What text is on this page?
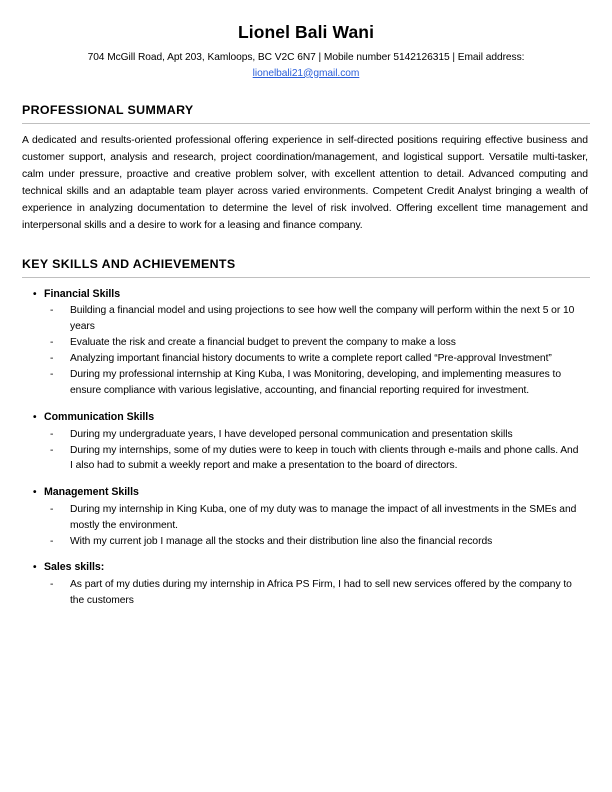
Lionel Bali Wani
704 McGill Road, Apt 203, Kamloops, BC V2C 6N7 | Mobile number 5142126315 | Email address:
lionelbali21@gmail.com
PROFESSIONAL SUMMARY
A dedicated and results-oriented professional offering experience in self-directed positions requiring effective business and customer support, analysis and research, project coordination/management, and logistical support. Versatile multi-tasker, calm under pressure, proactive and creative problem solver, with excellent attention to detail. Advanced computing and technical skills and an adaptable team player across varied environments. Competent Credit Analyst bringing a wealth of experience in analyzing documentation to determine the level of risk involved. Offering excellent time management and interpersonal skills and a desire to work for a leasing and finance company.
KEY SKILLS AND ACHIEVEMENTS
• Financial Skills
-	Building a financial model and using projections to see how well the company will perform within the next 5 or 10 years
-	Evaluate the risk and create a financial budget to prevent the company to make a loss
-	Analyzing important financial history documents to write a complete report called “Pre-approval Investment”
-	During my professional internship at King Kuba, I was Monitoring, developing, and implementing measures to ensure compliance with various legislative, accounting, and financial reporting required for investment.
• Communication Skills
-	During my undergraduate years, I have developed personal communication and presentation skills
-	During my internships, some of my duties were to keep in touch with clients through e-mails and phone calls. And I also had to submit a weekly report and make a presentation to the board of directors.
• Management Skills
-	During my internship in King Kuba, one of my duty was to manage the impact of all investments in the SMEs and mostly the environment.
-	With my current job I manage all the stocks and their distribution line also the financial records
• Sales skills:
-	As part of my duties during my internship in Africa PS Firm, I had to sell new services offered by the company to the customers
